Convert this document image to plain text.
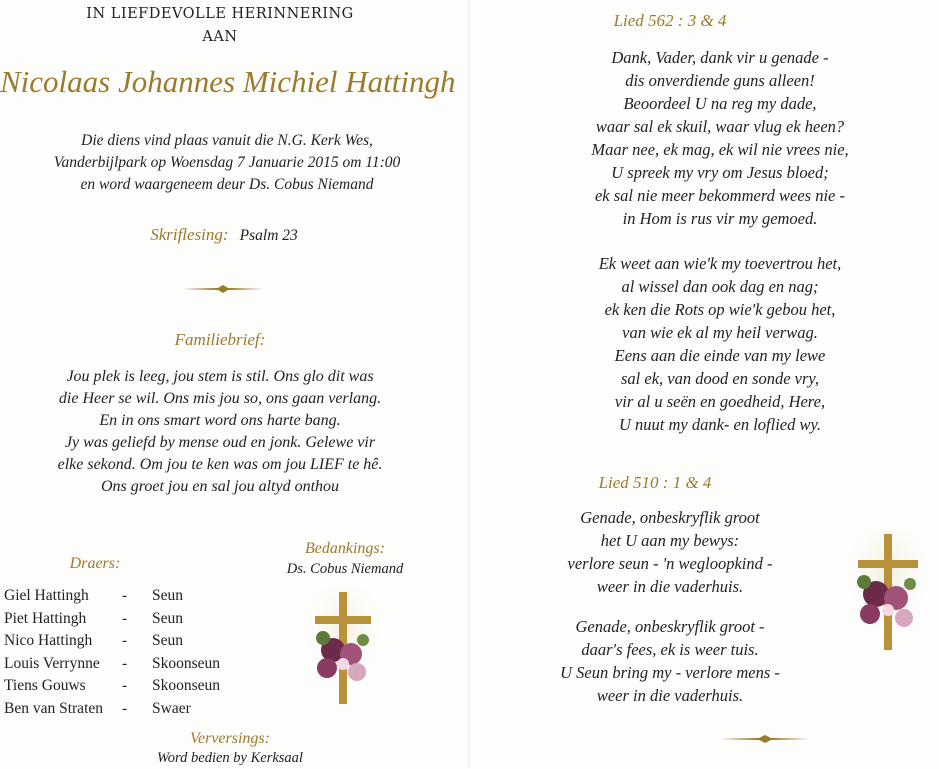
IN LIEFDEVOLLE HERINNERING
AAN
Nicolaas Johannes Michiel Hattingh
Die diens vind plaas vanuit die N.G. Kerk Wes,
Vanderbijlpark op Woensdag 7 Januarie 2015 om 11:00
en word waargeneem deur Ds. Cobus Niemand
Skriflesing: Psalm 23
Familiebrief:
Jou plek is leeg, jou stem is stil. Ons glo dit was
die Heer se wil. Ons mis jou so, ons gaan verlang.
En in ons smart word ons harte bang.
Jy was geliefd by mense oud en jonk. Gelewe vir
elke sekond. Om jou te ken was om jou LIEF te hê.
Ons groet jou en sal jou altyd onthou
Draers:
Giel Hattingh	-	Seun
Piet Hattingh	-	Seun
Nico Hattingh	-	Seun
Louis Verrynne	-	Skoonseun
Tiens Gouws	-	Skoonseun
Ben van Straten	-	Swaer
Bedankings:
Ds. Cobus Niemand
Verversings:
Word bedien by Kerksaal
Lied 562 : 3 & 4
Dank, Vader, dank vir u genade -
dis onverdiende guns alleen!
Beoordeel U na reg my dade,
waar sal ek skuil, waar vlug ek heen?
Maar nee, ek mag, ek wil nie vrees nie,
U spreek my vry om Jesus bloed;
ek sal nie meer bekommerd wees nie -
in Hom is rus vir my gemoed.
Ek weet aan wie'k my toevertrou het,
al wissel dan ook dag en nag;
ek ken die Rots op wie'k gebou het,
van wie ek al my heil verwag.
Eens aan die einde van my lewe
sal ek, van dood en sonde vry,
vir al u seën en goedheid, Here,
U nuut my dank- en loflied wy.
Lied 510 : 1 & 4
Genade, onbeskryflik groot
het U aan my bewys:
verlore seun - 'n wegloopkind -
weer in die vaderhuis.
Genade, onbeskryflik groot -
daar's fees, ek is weer tuis.
U Seun bring my - verlore mens -
weer in die vaderhuis.
